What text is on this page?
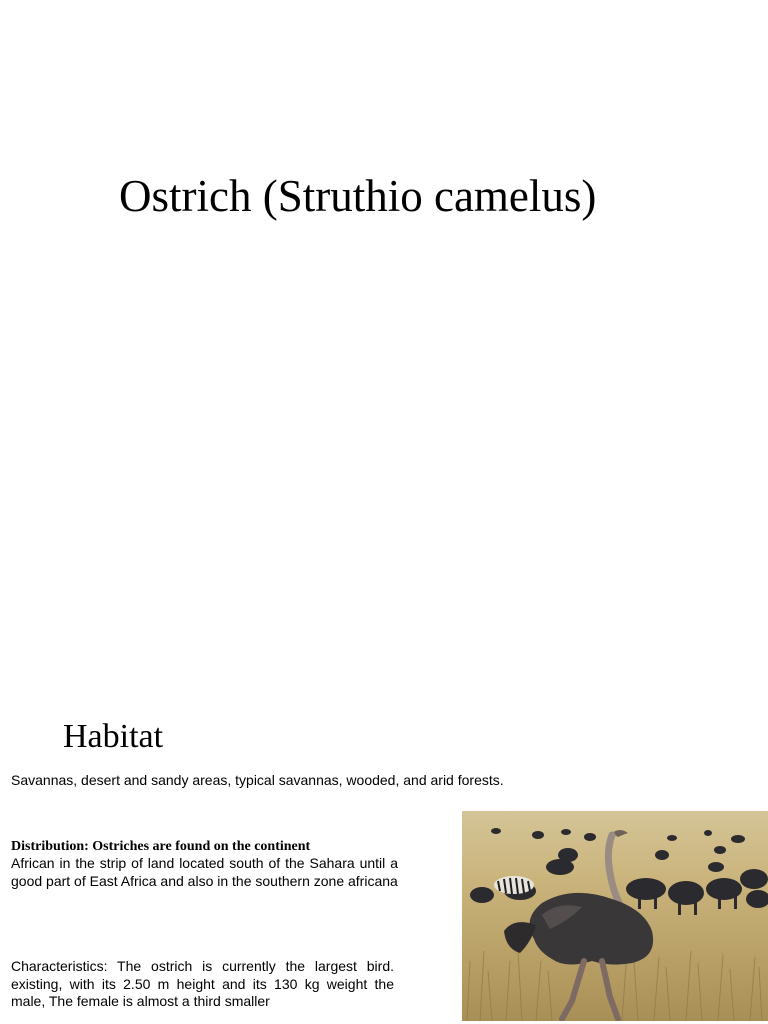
Ostrich (Struthio camelus)
Habitat

Savannas, desert and sandy areas, typical savannas, wooded, and arid forests.

Distribution: Ostriches are found on the continent
African in the strip of land located south of the Sahara until a good part of East Africa and also in the southern zone africana

Characteristics: The ostrich is currently the largest bird. existing, with its 2.50 m height and its 130 kg weight the male, The female is almost a third smaller
